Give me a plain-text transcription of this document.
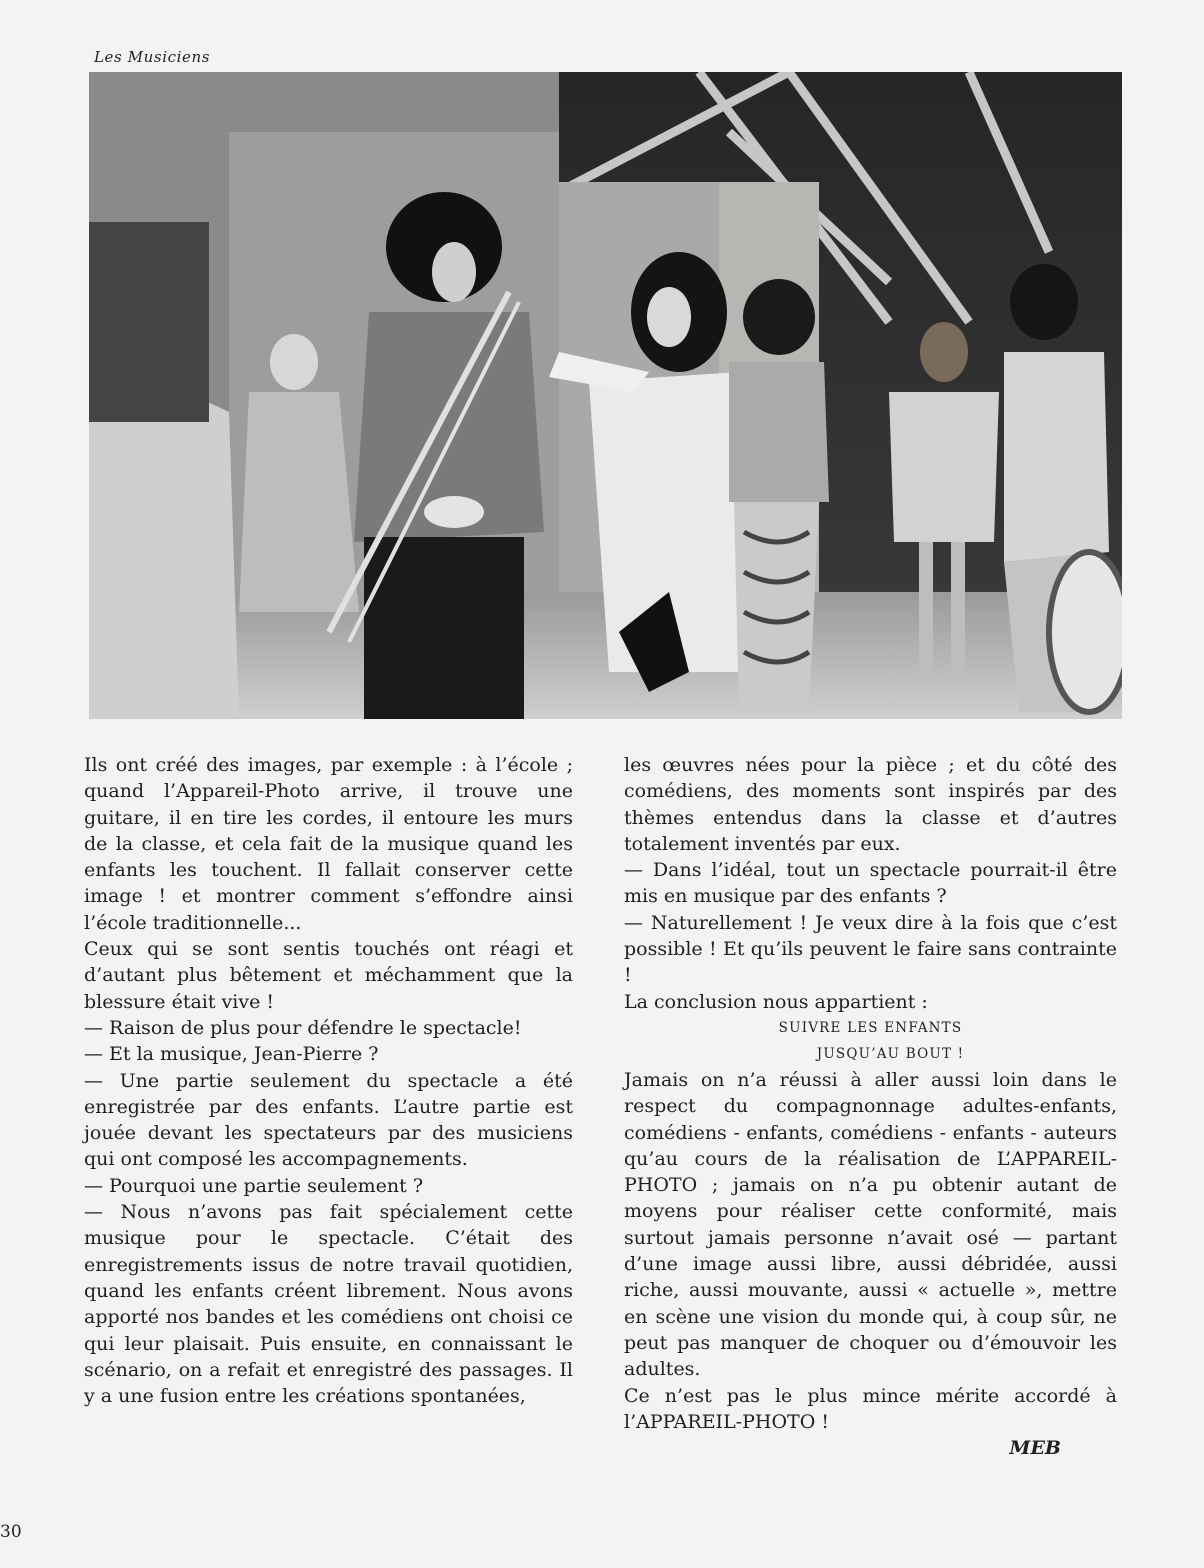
Les Musiciens

Ils ont créé des images, par exemple : à l’école ; quand l’Appareil-Photo arrive, il trouve une guitare, il en tire les cordes, il entoure les murs de la classe, et cela fait de la musique quand les enfants les touchent. Il fallait conserver cette image ! et montrer comment s’effondre ainsi l’école traditionnelle...

Ceux qui se sont sentis touchés ont réagi et d’autant plus bêtement et méchamment que la blessure était vive !

— Raison de plus pour défendre le spectacle!

— Et la musique, Jean-Pierre ?

— Une partie seulement du spectacle a été enregistrée par des enfants. L’autre partie est jouée devant les spectateurs par des musiciens qui ont composé les accompagnements.

— Pourquoi une partie seulement ?

— Nous n’avons pas fait spécialement cette musique pour le spectacle. C’était des enregistrements issus de notre travail quotidien, quand les enfants créent librement. Nous avons apporté nos bandes et les comédiens ont choisi ce qui leur plaisait. Puis ensuite, en connaissant le scénario, on a refait et enregistré des passages. Il y a une fusion entre les créations spontanées,

les œuvres nées pour la pièce ; et du côté des comédiens, des moments sont inspirés par des thèmes entendus dans la classe et d’autres totalement inventés par eux.

— Dans l’idéal, tout un spectacle pourrait-il être mis en musique par des enfants ?

— Naturellement ! Je veux dire à la fois que c’est possible ! Et qu’ils peuvent le faire sans contrainte !

La conclusion nous appartient :

SUIVRE LES ENFANTS

JUSQU’AU BOUT !

Jamais on n’a réussi à aller aussi loin dans le respect du compagnonnage adultes-enfants, comédiens - enfants, comédiens - enfants - auteurs qu’au cours de la réalisation de L’APPAREIL-PHOTO ; jamais on n’a pu obtenir autant de moyens pour réaliser cette conformité, mais surtout jamais personne n’avait osé — partant d’une image aussi libre, aussi débridée, aussi riche, aussi mouvante, aussi « actuelle », mettre en scène une vision du monde qui, à coup sûr, ne peut pas manquer de choquer ou d’émouvoir les adultes.

Ce n’est pas le plus mince mérite accordé à l’APPAREIL-PHOTO !

MEB

30
